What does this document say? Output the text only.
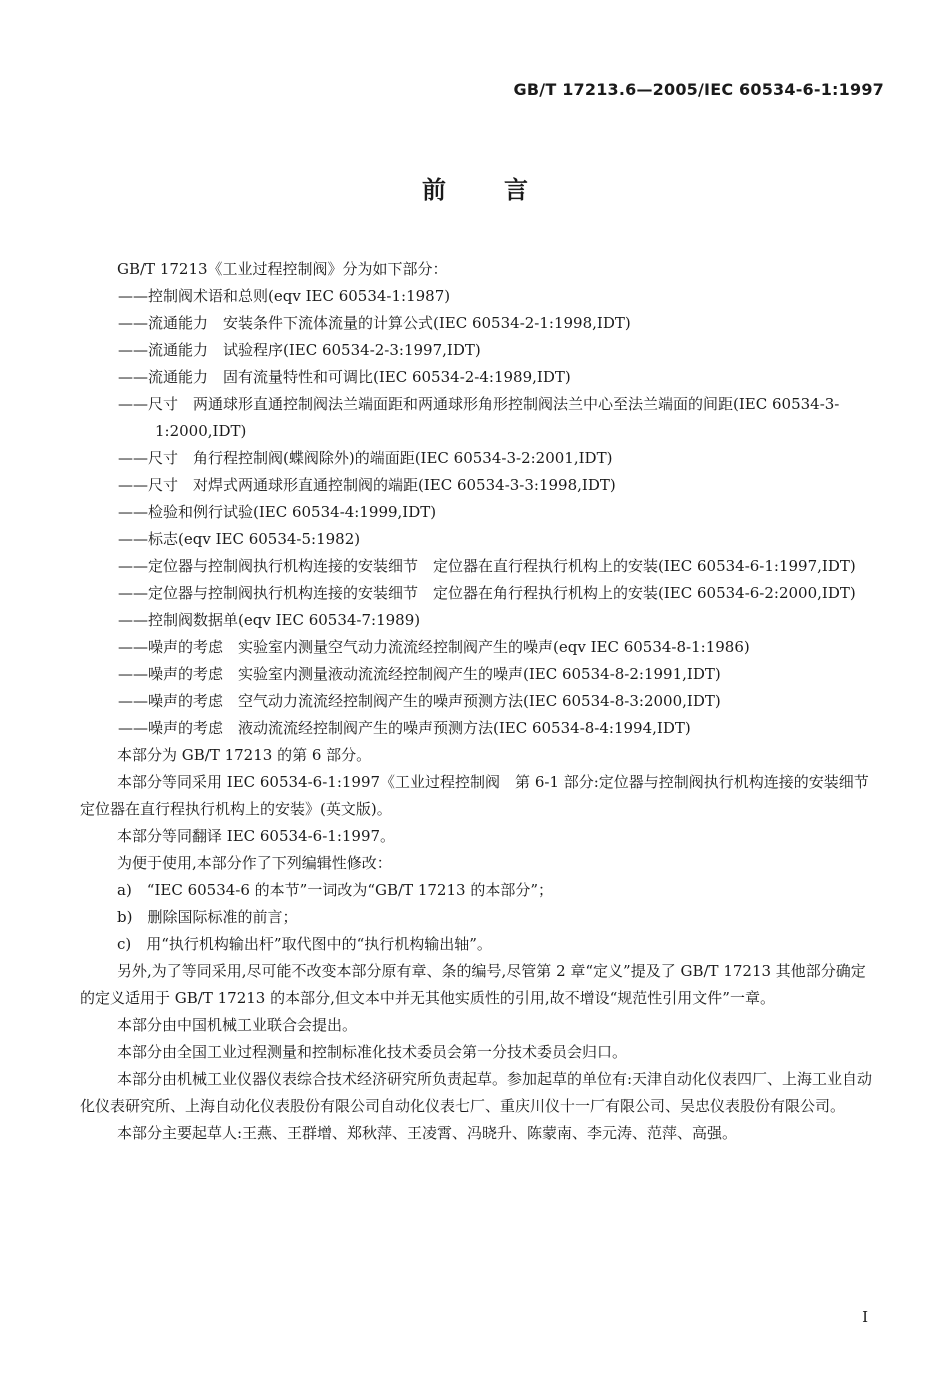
GB/T 17213.6—2005/IEC 60534-6-1:1997
前言

GB/T 17213《工业过程控制阀》分为如下部分：

——控制阀术语和总则(eqv IEC 60534-1:1987)

——流通能力　安装条件下流体流量的计算公式(IEC 60534-2-1:1998,IDT)

——流通能力　试验程序(IEC 60534-2-3:1997,IDT)

——流通能力　固有流量特性和可调比(IEC 60534-2-4:1989,IDT)

——尺寸　两通球形直通控制阀法兰端面距和两通球形角形控制阀法兰中心至法兰端面的间距(IEC 60534-3-1:2000,IDT)

——尺寸　角行程控制阀(蝶阀除外)的端面距(IEC 60534-3-2:2001,IDT)

——尺寸　对焊式两通球形直通控制阀的端距(IEC 60534-3-3:1998,IDT)

——检验和例行试验(IEC 60534-4:1999,IDT)

——标志(eqv IEC 60534-5:1982)

——定位器与控制阀执行机构连接的安装细节　定位器在直行程执行机构上的安装(IEC 60534-6-1:1997,IDT)

——定位器与控制阀执行机构连接的安装细节　定位器在角行程执行机构上的安装(IEC 60534-6-2:2000,IDT)

——控制阀数据单(eqv IEC 60534-7:1989)

——噪声的考虑　实验室内测量空气动力流流经控制阀产生的噪声(eqv IEC 60534-8-1:1986)

——噪声的考虑　实验室内测量液动流流经控制阀产生的噪声(IEC 60534-8-2:1991,IDT)

——噪声的考虑　空气动力流流经控制阀产生的噪声预测方法(IEC 60534-8-3:2000,IDT)

——噪声的考虑　液动流流经控制阀产生的噪声预测方法(IEC 60534-8-4:1994,IDT)

本部分为 GB/T 17213 的第 6 部分。

本部分等同采用 IEC 60534-6-1:1997《工业过程控制阀　第 6-1 部分:定位器与控制阀执行机构连接的安装细节　定位器在直行程执行机构上的安装》(英文版)。

本部分等同翻译 IEC 60534-6-1:1997。

为便于使用,本部分作了下列编辑性修改：

a)　“IEC 60534-6 的本节”一词改为“GB/T 17213 的本部分”；

b)　删除国际标准的前言；

c)　用“执行机构输出杆”取代图中的“执行机构输出轴”。

另外,为了等同采用,尽可能不改变本部分原有章、条的编号,尽管第 2 章“定义”提及了 GB/T 17213 其他部分确定的定义适用于 GB/T 17213 的本部分,但文本中并无其他实质性的引用,故不增设“规范性引用文件”一章。

本部分由中国机械工业联合会提出。

本部分由全国工业过程测量和控制标准化技术委员会第一分技术委员会归口。

本部分由机械工业仪器仪表综合技术经济研究所负责起草。参加起草的单位有:天津自动化仪表四厂、上海工业自动化仪表研究所、上海自动化仪表股份有限公司自动化仪表七厂、重庆川仪十一厂有限公司、吴忠仪表股份有限公司。

本部分主要起草人:王燕、王群增、郑秋萍、王凌霄、冯晓升、陈蒙南、李元涛、范萍、高强。

I
